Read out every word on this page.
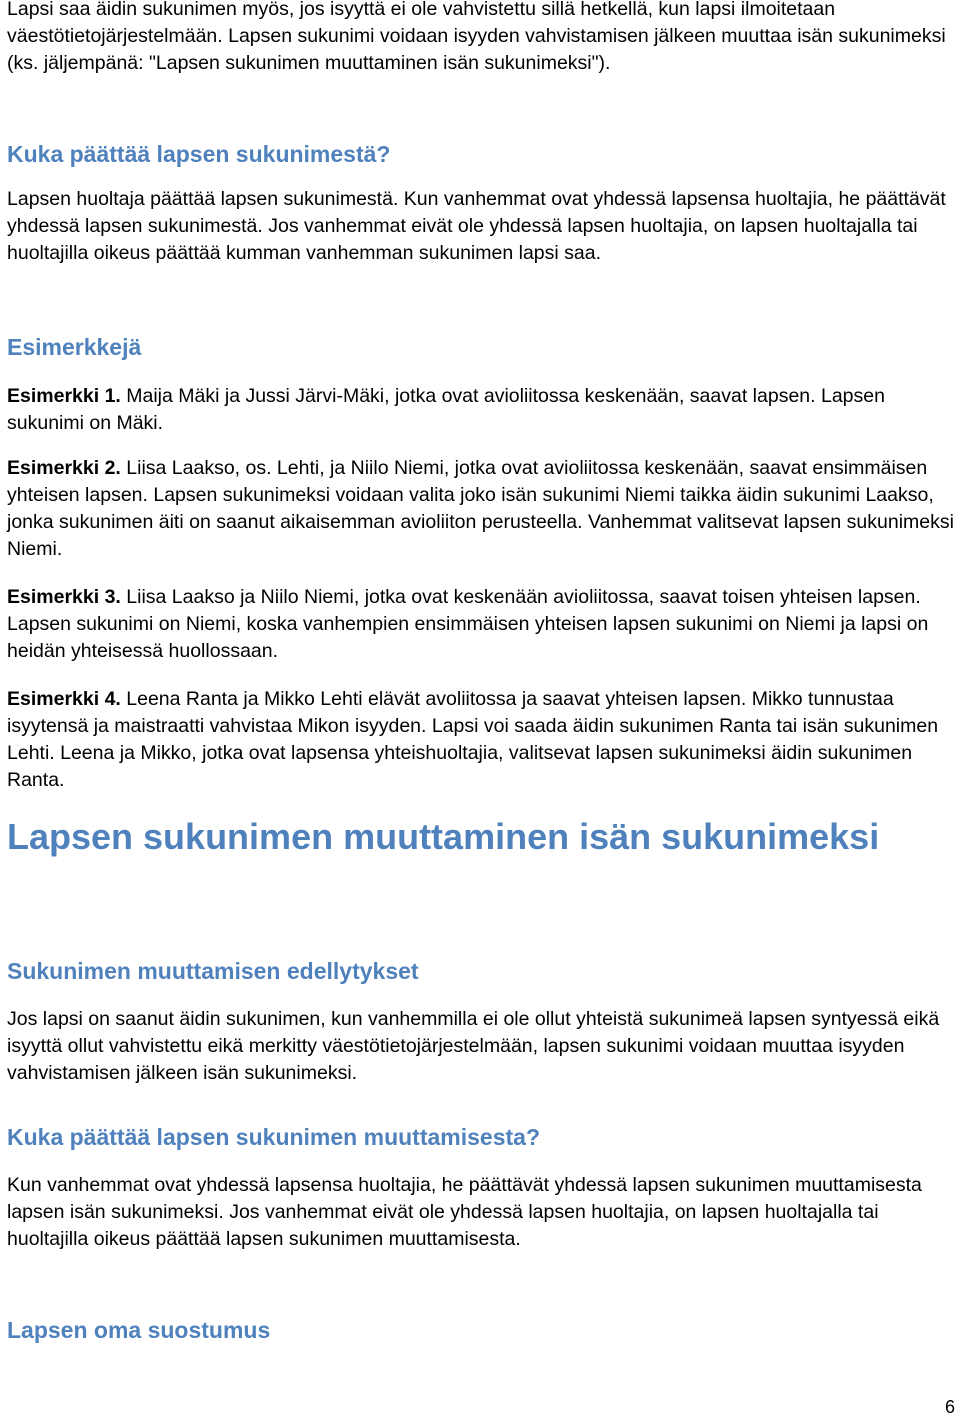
Lapsi saa äidin sukunimen myös, jos isyyttä ei ole vahvistettu sillä hetkellä, kun lapsi ilmoitetaan väestötietojärjestelmään. Lapsen sukunimi voidaan isyyden vahvistamisen jälkeen muuttaa isän sukunimeksi (ks. jäljempänä: "Lapsen sukunimen muuttaminen isän sukunimeksi").

Kuka päättää lapsen sukunimestä?

Lapsen huoltaja päättää lapsen sukunimestä. Kun vanhemmat ovat yhdessä lapsensa huoltajia, he päättävät yhdessä lapsen sukunimestä. Jos vanhemmat eivät ole yhdessä lapsen huoltajia, on lapsen huoltajalla tai huoltajilla oikeus päättää kumman vanhemman sukunimen lapsi saa.

Esimerkkejä

Esimerkki 1. Maija Mäki ja Jussi Järvi-Mäki, jotka ovat avioliitossa keskenään, saavat lapsen. Lapsen sukunimi on Mäki.

Esimerkki 2. Liisa Laakso, os. Lehti, ja Niilo Niemi, jotka ovat avioliitossa keskenään, saavat ensimmäisen yhteisen lapsen. Lapsen sukunimeksi voidaan valita joko isän sukunimi Niemi taikka äidin sukunimi Laakso, jonka sukunimen äiti on saanut aikaisemman avioliiton perusteella. Vanhemmat valitsevat lapsen sukunimeksi Niemi.

Esimerkki 3. Liisa Laakso ja Niilo Niemi, jotka ovat keskenään avioliitossa, saavat toisen yhteisen lapsen. Lapsen sukunimi on Niemi, koska vanhempien ensimmäisen yhteisen lapsen sukunimi on Niemi ja lapsi on heidän yhteisessä huollossaan.

Esimerkki 4. Leena Ranta ja Mikko Lehti elävät avoliitossa ja saavat yhteisen lapsen. Mikko tunnustaa isyytensä ja maistraatti vahvistaa Mikon isyyden. Lapsi voi saada äidin sukunimen Ranta tai isän sukunimen Lehti. Leena ja Mikko, jotka ovat lapsensa yhteishuoltajia, valitsevat lapsen sukunimeksi äidin sukunimen Ranta.

Lapsen sukunimen muuttaminen isän sukunimeksi
Sukunimen muuttamisen edellytykset

Jos lapsi on saanut äidin sukunimen, kun vanhemmilla ei ole ollut yhteistä sukunimeä lapsen syntyessä eikä isyyttä ollut vahvistettu eikä merkitty väestötietojärjestelmään, lapsen sukunimi voidaan muuttaa isyyden vahvistamisen jälkeen isän sukunimeksi.

Kuka päättää lapsen sukunimen muuttamisesta?

Kun vanhemmat ovat yhdessä lapsensa huoltajia, he päättävät yhdessä lapsen sukunimen muuttamisesta lapsen isän sukunimeksi. Jos vanhemmat eivät ole yhdessä lapsen huoltajia, on lapsen huoltajalla tai huoltajilla oikeus päättää lapsen sukunimen muuttamisesta.

Lapsen oma suostumus
6
